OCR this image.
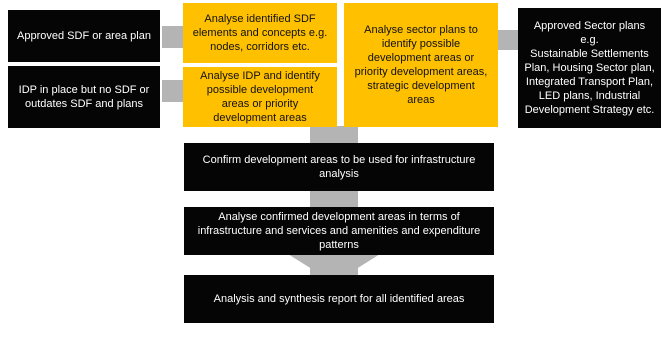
Approved SDF or area plan
IDP in place but no SDF or
outdates SDF and plans
Analyse identified SDF
elements and concepts e.g.
nodes, corridors etc.
Analyse IDP and identify
possible development
areas or priority
development areas
Analyse sector plans to
identify possible
development areas or
priority development areas,
strategic development
areas
Approved Sector plans e.g.
Sustainable Settlements
Plan, Housing Sector plan,
Integrated Transport Plan,
LED plans, Industrial
Development Strategy etc.
Confirm development areas to be used for infrastructure
analysis
Analyse confirmed development areas in terms of
infrastructure and services and amenities and expenditure
patterns
Analysis and synthesis report for all identified areas
